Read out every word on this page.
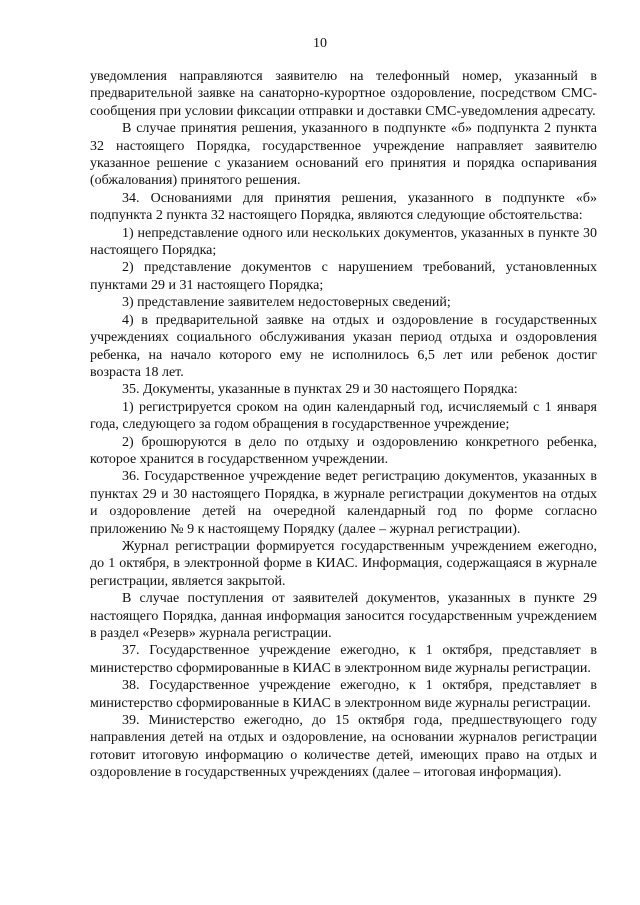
10

уведомления направляются заявителю на телефонный номер, указанный в предварительной заявке на санаторно-курортное оздоровление, посредством СМС-сообщения при условии фиксации отправки и доставки СМС-уведомления адресату.

В случае принятия решения, указанного в подпункте «б» подпункта 2 пункта 32 настоящего Порядка, государственное учреждение направляет заявителю указанное решение с указанием оснований его принятия и порядка оспаривания (обжалования) принятого решения.

34. Основаниями для принятия решения, указанного в подпункте «б» подпункта 2 пункта 32 настоящего Порядка, являются следующие обстоятельства:

1) непредставление одного или нескольких документов, указанных в пункте 30 настоящего Порядка;

2) представление документов с нарушением требований, установленных пунктами 29 и 31 настоящего Порядка;

3) представление заявителем недостоверных сведений;

4) в предварительной заявке на отдых и оздоровление в государственных учреждениях социального обслуживания указан период отдыха и оздоровления ребенка, на начало которого ему не исполнилось 6,5 лет или ребенок достиг возраста 18 лет.

35. Документы, указанные в пунктах 29 и 30 настоящего Порядка:

1) регистрируется сроком на один календарный год, исчисляемый с 1 января года, следующего за годом обращения в государственное учреждение;

2) брошюруются в дело по отдыху и оздоровлению конкретного ребенка, которое хранится в государственном учреждении.

36. Государственное учреждение ведет регистрацию документов, указанных в пунктах 29 и 30 настоящего Порядка, в журнале регистрации документов на отдых и оздоровление детей на очередной календарный год по форме согласно приложению № 9 к настоящему Порядку (далее – журнал регистрации).

Журнал регистрации формируется государственным учреждением ежегодно, до 1 октября, в электронной форме в КИАС. Информация, содержащаяся в журнале регистрации, является закрытой.

В случае поступления от заявителей документов, указанных в пункте 29 настоящего Порядка, данная информация заносится государственным учреждением в раздел «Резерв» журнала регистрации.

37. Государственное учреждение ежегодно, к 1 октября, представляет в министерство сформированные в КИАС в электронном виде журналы регистрации.

38. Государственное учреждение ежегодно, к 1 октября, представляет в министерство сформированные в КИАС в электронном виде журналы регистрации.

39. Министерство ежегодно, до 15 октября года, предшествующего году направления детей на отдых и оздоровление, на основании журналов регистрации готовит итоговую информацию о количестве детей, имеющих право на отдых и оздоровление в государственных учреждениях (далее – итоговая информация).
